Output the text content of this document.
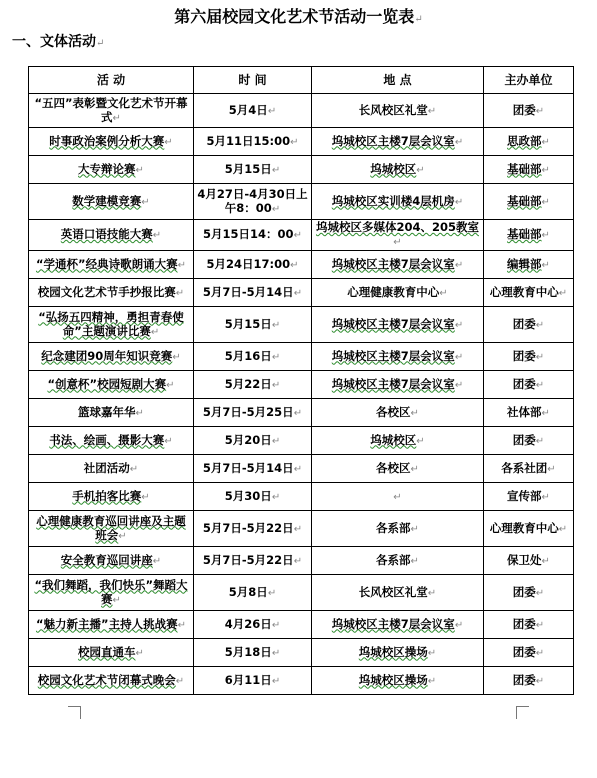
第六届校园文化艺术节活动一览表↵
一、文体活动↵
活 动	时 间	地 点	主办单位
“五四”表彰暨文化艺术节开幕式↵	5月4日↵	长风校区礼堂↵	团委↵
时事政治案例分析大赛↵	5月11日15:00↵	坞城校区主楼7层会议室↵	思政部↵
大专辩论赛↵	5月15日↵	坞城校区↵	基础部↵
数学建模竞赛↵	4月27日-4月30日上午8：00↵	坞城校区实训楼4层机房↵	基础部↵
英语口语技能大赛↵	5月15日14：00↵	坞城校区多媒体204、205教室↵	基础部↵
“学通杯”经典诗歌朗诵大赛↵	5月24日17:00↵	坞城校区主楼7层会议室↵	编辑部↵
校园文化艺术节手抄报比赛↵	5月7日-5月14日↵	心理健康教育中心↵	心理教育中心↵
“弘扬五四精神，勇担青春使命”主题演讲比赛↵	5月15日↵	坞城校区主楼7层会议室↵	团委↵
纪念建团90周年知识竞赛↵	5月16日↵	坞城校区主楼7层会议室↵	团委↵
“创意杯”校园短剧大赛↵	5月22日↵	坞城校区主楼7层会议室↵	团委↵
篮球嘉年华↵	5月7日-5月25日↵	各校区↵	社体部↵
书法、绘画、摄影大赛↵	5月20日↵	坞城校区↵	团委↵
社团活动↵	5月7日-5月14日↵	各校区↵	各系社团↵
手机拍客比赛↵	5月30日↵	↵	宣传部↵
心理健康教育巡回讲座及主题班会↵	5月7日-5月22日↵	各系部↵	心理教育中心↵
安全教育巡回讲座↵	5月7日-5月22日↵	各系部↵	保卫处↵
“我们舞蹈，我们快乐”舞蹈大赛↵	5月8日↵	长风校区礼堂↵	团委↵
“魅力新主播”主持人挑战赛↵	4月26日↵	坞城校区主楼7层会议室↵	团委↵
校园直通车↵	5月18日↵	坞城校区操场↵	团委↵
校园文化艺术节闭幕式晚会↵	6月11日↵	坞城校区操场↵	团委↵
